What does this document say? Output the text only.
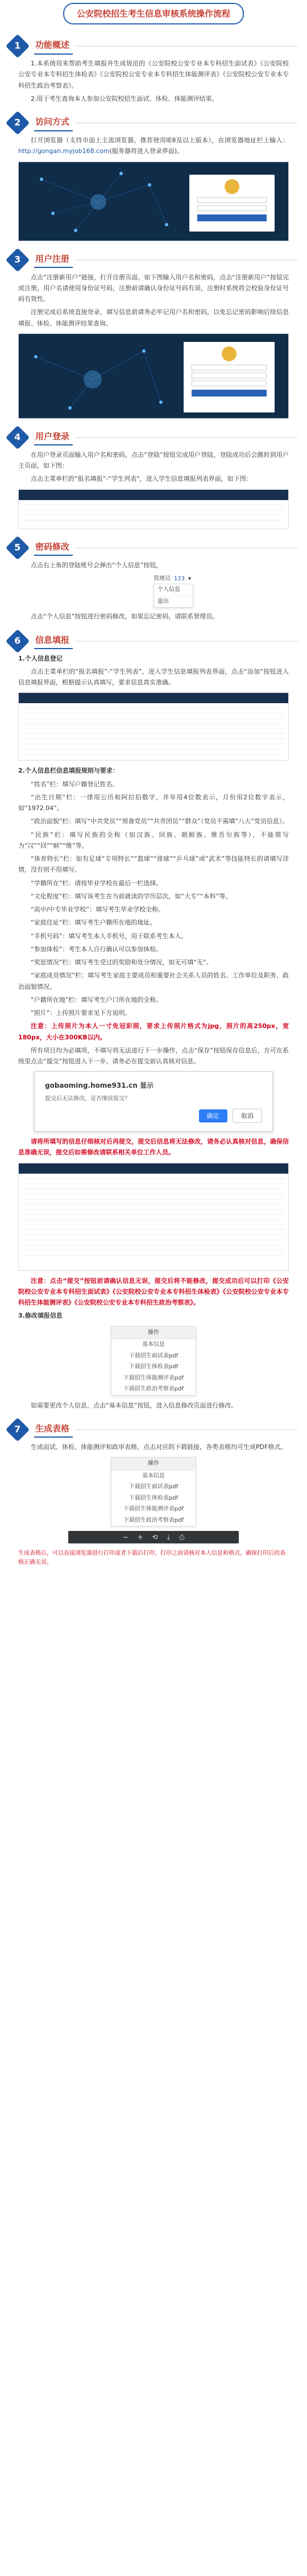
公安院校招生考生信息审核系统操作流程
1 功能概述

1.本系统用来帮助考生填报并生成规范的《公安院校公安专业本专科招生面试表》《公安院校公安专业本专科招生体检表》《公安院校公安专业本专科招生体能测评表》《公安院校公安专业本专科招生政治考察表》。

2.用于考生查询本人参加公安院校招生面试、体检、体能测评结果。

2 访问方式

打开浏览器（支持市面上主流浏览器，推荐使用IE8及以上版本），在浏览器地址栏上输入：http://gongan.myjob168.com(服务器将进入登录界面)。

3 用户注册

点击“注册新用户”链接，打开注册页面，如下图输入用户名和密码，点击“注册新用户”按钮完成注册，用户名请使用身份证号码，注册前请确认身份证号码有误，注册时系统将会校验身份证号码有效性。

注册完成后系统直接登录，填写信息前请务必牢记用户名和密码，以免忘记密码影响后续信息填报、体检、体能测评结果查询。

4 用户登录

在用户登录页面输入用户名和密码，点击“登陆”按钮完成用户登陆，登陆成功后会跳转到用户主页面，如下图：

点击主菜单栏的“报名填报”-“学生列表”，进入学生信息填报列表界面，如下图：

5 密码修改

点击右上角的登陆账号会弹出“个人信息”按钮，

管理员 123 ▾
个人信息
退出

点击“个人信息”按钮进行密码修改，如果忘记密码，请联系管理员。

6 信息填报

1.个人信息登记

点击主菜单栏的“报名填报”-“学生列表”，进入学生信息填报列表界面，点击“添加”按钮进入信息填报界面，根据提示认真填写，要求信息真实准确。

2.个人信息栏信息填报规则与要求：

“姓名”栏：填写户籍登记姓名。

“出生日期”栏：一律用公历和阿拉伯数字，并年用4位数表示，月份用2位数字表示，如“1972.04”。

“政治面貌”栏：填写“中共党员”“预备党员”“共青团员”“群众”（党员不需填“八大”党员信息）。

“民族”栏：填写民族的全称（如汉族、回族、朝鲜族、维吾尔族等），不能简写为“汉”“回”“鲜”“维”等。

“体育特长”栏：如有足球“专项特长”“篮球”“排球”“乒乓球”或“武术”等技能特长的请填写详情，没有则不用填写。

“学籍所在”栏：请按毕业学校在最后一栏选择。

“文化程度”栏：填写该考生在当前就读的学历层次，如“大专”“本科”等。

“高中/中专毕业学校”：填写考生毕业学校全称。

“家庭住址”栏：填写考生户籍所在地的地址。

“手机号码”：填写考生本人手机号，用于联系考生本人。

“参加体检”：考生本人自行确认可以参加体检。

“奖惩情况”栏：填写考生受过的奖励和处分情况，如无可填“无”。

“家庭成员情况”栏：填写考生家庭主要成员和重要社会关系人员的姓名、工作单位及职务、政治面貌情况。

“户籍所在地”栏：填写考生户口所在地的全称。

“照片”：上传照片要求见下方说明。

注意：上传照片为本人一寸免冠彩照，要求上传照片格式为jpg，照片的高250px，宽180px，大小在300KB以内。

所有项目均为必填项，不填写将无法进行下一步操作，点击“保存”按钮保存信息后，方可在系统里点击“提交”按钮进入下一步，请务必在提交前认真核对信息。

gobaoming.home931.cn 显示
提交后无法修改，是否继续提交？
确定	取消

请将所填写的信息仔细核对后再提交，提交后信息将无法修改，请务必认真核对信息，确保信息准确无误，提交后如需修改请联系相关单位工作人员。

注意：点击“提交”按钮前请确认信息无误，提交后将不能修改，提交成功后可以打印《公安院校公安专业本专科招生面试表》《公安院校公安专业本专科招生体检表》《公安院校公安专业本专科招生体能测评表》《公安院校公安专业本专科招生政治考察表》。

3.修改填报信息

操作
基本信息
下载招生面试表pdf
下载招生体检表pdf
下载招生体能测评表pdf
下载招生政治考察表pdf

如需要更改个人信息，点击“基本信息”按钮，进入信息修改页面进行修改。

7 生成表格

生成面试、体检、体能测评和政审表格，点击对应的下载链接，各类表格均可生成PDF格式。

操作
基本信息
下载招生面试表pdf
下载招生体检表pdf
下载招生体能测评表pdf
下载招生政治考察表pdf
− + ⟲ ⤓ ⎙

生成表格后，可以直接浏览器进行打印或者下载后打印，打印之前请核对本人信息和格式，确保打印后的表格正确无误。
